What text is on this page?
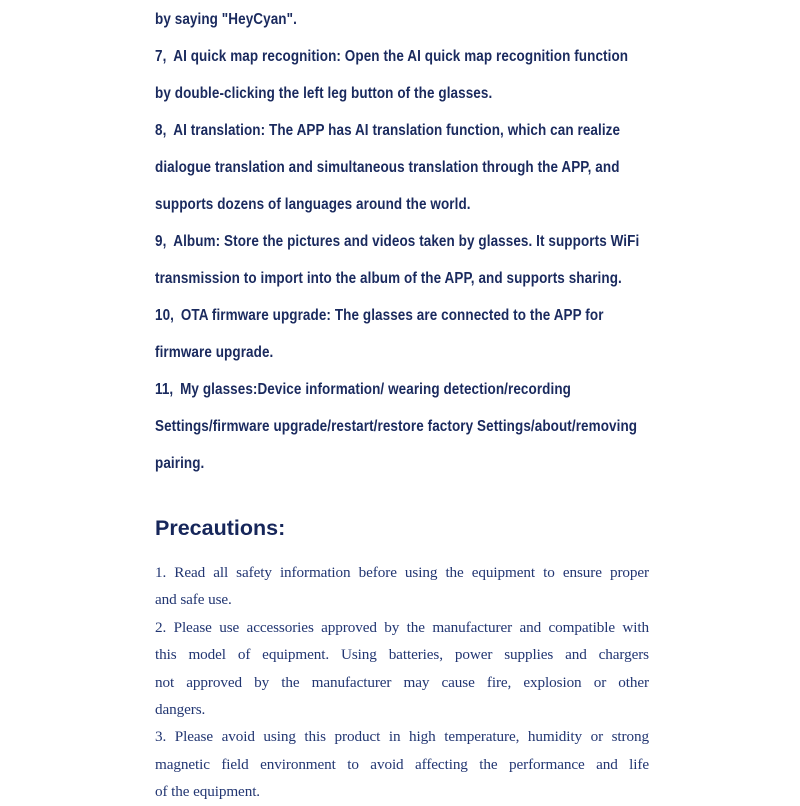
by saying "HeyCyan".
7, AI quick map recognition: Open the AI quick map recognition function
by double-clicking the left leg button of the glasses.
8, AI translation: The APP has AI translation function, which can realize
dialogue translation and simultaneous translation through the APP, and
supports dozens of languages around the world.
9, Album: Store the pictures and videos taken by glasses. It supports WiFi
transmission to import into the album of the APP, and supports sharing.
10, OTA firmware upgrade: The glasses are connected to the APP for
firmware upgrade.
11, My glasses:Device information/ wearing detection/recording
Settings/firmware upgrade/restart/restore factory Settings/about/removing
pairing.
Precautions:
1. Read all safety information before using the equipment to ensure proper
and safe use.
2. Please use accessories approved by the manufacturer and compatible with
this model of equipment. Using batteries, power supplies and chargers
not approved by the manufacturer may cause fire, explosion or other
dangers.
3. Please avoid using this product in high temperature, humidity or strong
magnetic field environment to avoid affecting the performance and life
of the equipment.
